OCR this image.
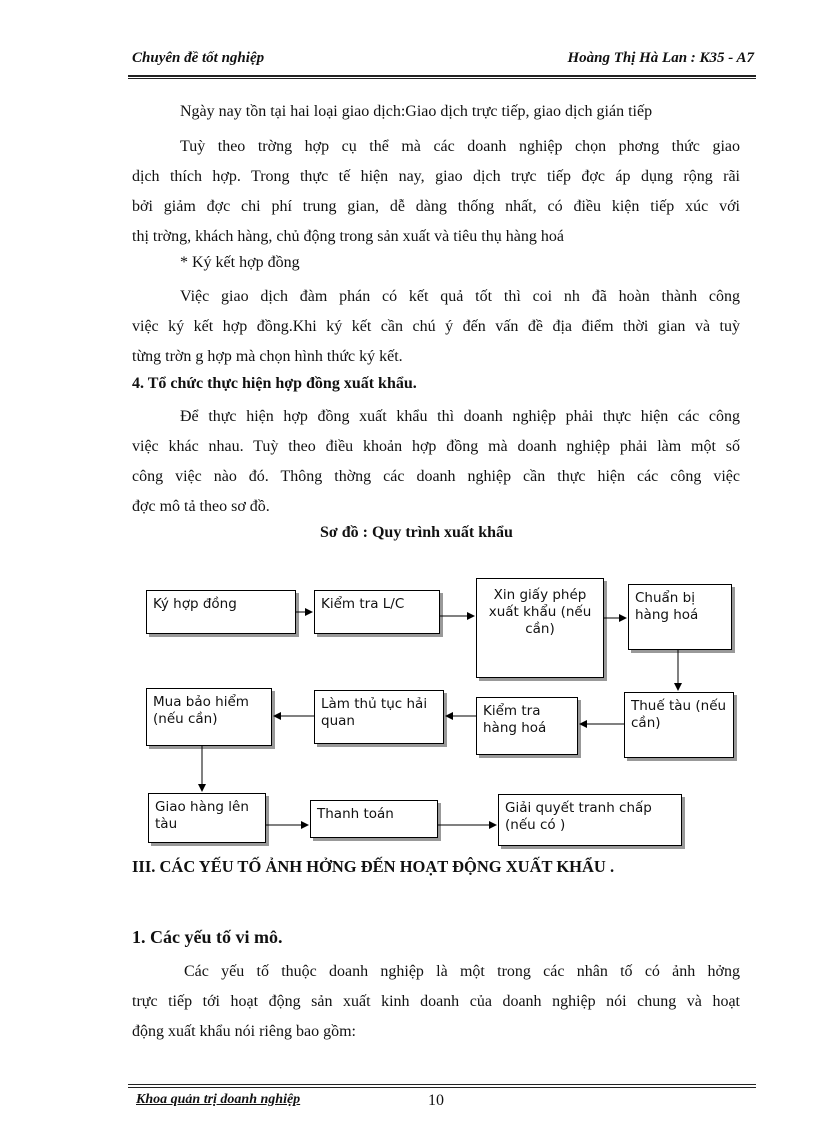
Chuyên đề tốt nghiệp	Hoàng Thị Hà Lan : K35 - A7
Ngày nay tồn tại hai loại giao dịch:Giao dịch trực tiếp, giao dịch gián tiếp
Tuỳ theo trờng hợp cụ thể mà các doanh nghiệp chọn phơng thức giao
dịch thích hợp. Trong thực tế hiện nay, giao dịch trực tiếp đợc áp dụng rộng rãi
bởi giảm đợc chi phí trung gian, dễ dàng thống nhất, có điều kiện tiếp xúc với
thị trờng, khách hàng, chủ động trong sản xuất và tiêu thụ hàng hoá
* Ký kết hợp đồng
Việc giao dịch đàm phán có kết quả tốt thì coi nh đã hoàn thành công
việc ký kết hợp đồng.Khi ký kết cần chú ý đến vấn đề địa điểm thời gian và tuỳ
từng trờn g hợp mà chọn hình thức ký kết.
4. Tổ chức thực hiện hợp đồng xuất khẩu.
Để thực hiện hợp đồng xuất khẩu thì doanh nghiệp phải thực hiện các công
việc khác nhau. Tuỳ theo điều khoản hợp đồng mà doanh nghiệp phải làm một số
công việc nào đó. Thông thờng các doanh nghiệp cần thực hiện các công việc
đợc mô tả theo sơ đồ.
Sơ đồ : Quy trình xuất khẩu
Ký hợp đồng	Kiểm tra L/C
Xin giấy phép xuất khẩu (nếu cần)
Chuẩn bị hàng hoá
Thuế tàu (nếu cần)
Kiểm tra hàng hoá
Làm thủ tục hải quan
Mua bảo hiểm (nếu cần)
Giao hàng lên tàu
Thanh toán	Giải quyết tranh chấp (nếu có )
III. CÁC YẾU TỐ ẢNH HỞNG ĐẾN HOẠT ĐỘNG XUẤT KHẨU .
1. Các yếu tố vi mô.
Các yếu tố thuộc doanh nghiệp là một trong các nhân tố có ảnh hởng
trực tiếp tới hoạt động sản xuất kinh doanh của doanh nghiệp nói chung và hoạt
động xuất khẩu nói riêng bao gồm:
Khoa quản trị doanh nghiệp	10
